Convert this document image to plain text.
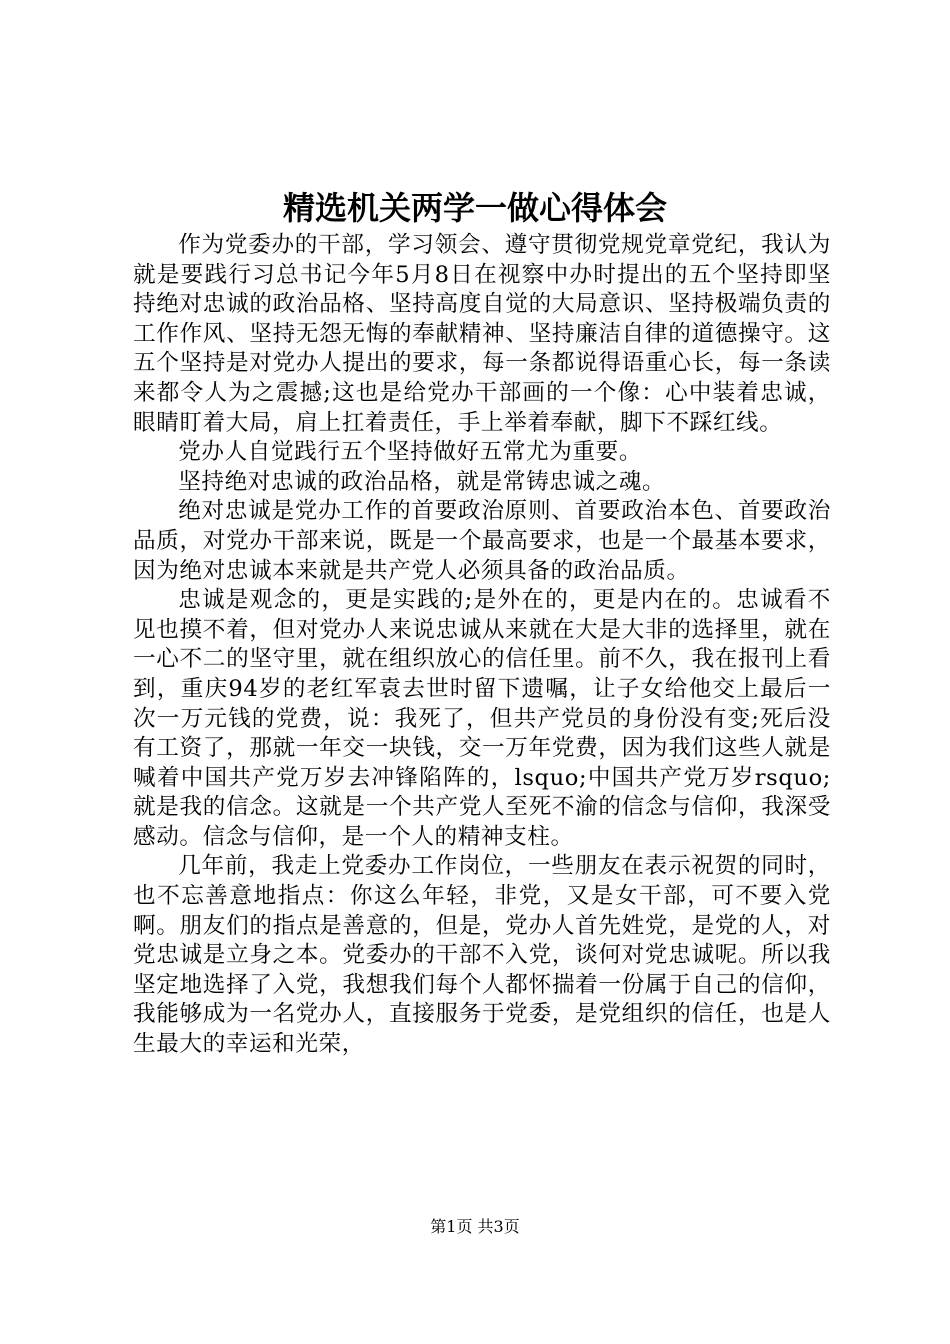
精选机关两学一做心得体会

作为党委办的干部，学习领会、遵守贯彻党规党章党纪，我认为就是要践行习总书记今年5月8日在视察中办时提出的五个坚持即坚持绝对忠诚的政治品格、坚持高度自觉的大局意识、坚持极端负责的工作作风、坚持无怨无悔的奉献精神、坚持廉洁自律的道德操守。这五个坚持是对党办人提出的要求，每一条都说得语重心长，每一条读来都令人为之震撼;这也是给党办干部画的一个像：心中装着忠诚，眼睛盯着大局，肩上扛着责任，手上举着奉献，脚下不踩红线。

党办人自觉践行五个坚持做好五常尤为重要。

坚持绝对忠诚的政治品格，就是常铸忠诚之魂。

绝对忠诚是党办工作的首要政治原则、首要政治本色、首要政治品质，对党办干部来说，既是一个最高要求，也是一个最基本要求，因为绝对忠诚本来就是共产党人必须具备的政治品质。

忠诚是观念的，更是实践的;是外在的，更是内在的。忠诚看不见也摸不着，但对党办人来说忠诚从来就在大是大非的选择里，就在一心不二的坚守里，就在组织放心的信任里。前不久，我在报刊上看到，重庆94岁的老红军袁去世时留下遗嘱，让子女给他交上最后一次一万元钱的党费，说：我死了，但共产党员的身份没有变;死后没有工资了，那就一年交一块钱，交一万年党费，因为我们这些人就是喊着中国共产党万岁去冲锋陷阵的，lsquo;中国共产党万岁rsquo;就是我的信念。这就是一个共产党人至死不渝的信念与信仰，我深受感动。信念与信仰，是一个人的精神支柱。

几年前，我走上党委办工作岗位，一些朋友在表示祝贺的同时，也不忘善意地指点：你这么年轻，非党，又是女干部，可不要入党啊。朋友们的指点是善意的，但是，党办人首先姓党，是党的人，对党忠诚是立身之本。党委办的干部不入党，谈何对党忠诚呢。所以我坚定地选择了入党，我想我们每个人都怀揣着一份属于自己的信仰，我能够成为一名党办人，直接服务于党委，是党组织的信任，也是人生最大的幸运和光荣，

第1页 共3页
